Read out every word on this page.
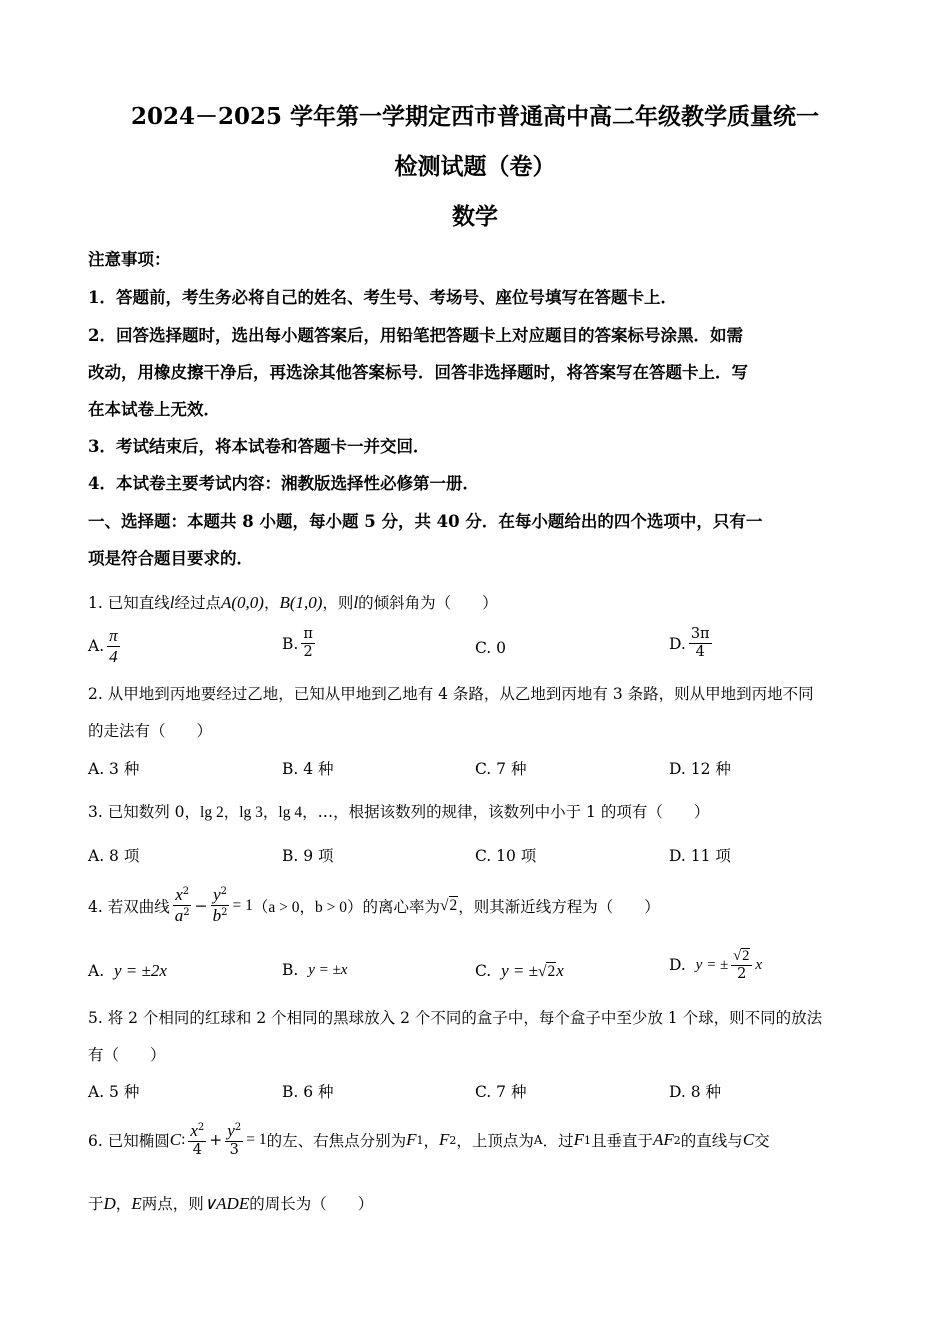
2024－2025 学年第一学期定西市普通高中高二年级教学质量统一
检测试题（卷）
数学
注意事项：
1．答题前，考生务必将自己的姓名、考生号、考场号、座位号填写在答题卡上．
2．回答选择题时，选出每小题答案后，用铅笔把答题卡上对应题目的答案标号涂黑．如需
改动，用橡皮擦干净后，再选涂其他答案标号．回答非选择题时，将答案写在答题卡上．写
在本试卷上无效．
3．考试结束后，将本试卷和答题卡一并交回．
4．本试卷主要考试内容：湘教版选择性必修第一册．
一、选择题：本题共 8 小题，每小题 5 分，共 40 分．在每小题给出的四个选项中，只有一
项是符合题目要求的．
1. 已知直线l经过点A(0,0)，B(1,0)，则l的倾斜角为（　　）
A. $\frac{\pi}{4}$	B. $\frac{\pi}{2}$	C. 0	D. $\frac{3\pi}{4}$
2. 从甲地到丙地要经过乙地，已知从甲地到乙地有 4 条路，从乙地到丙地有 3 条路，则从甲地到丙地不同
的走法有（　　）
A. 3 种	B. 4 种	C. 7 种	D. 12 种
3. 已知数列 0，lg 2，lg 3，lg 4，…，根据该数列的规律，该数列中小于 1 的项有（　　）
A. 8 项	B. 9 项	C. 10 项	D. 11 项
4. 若双曲线 $\frac{x^2}{a^2} - \frac{y^2}{b^2} = 1$ （a > 0，b > 0） 的离心率为 √ 2 ，则其渐近线方程为（　　）
A.
y = ±2x	B.
y = ±x	C.
y = ± √ 2 x	D.
y = ± $\frac{√ 2}{2}$ x
5. 将 2 个相同的红球和 2 个相同的黑球放入 2 个不同的盒子中，每个盒子中至少放 1 个球，则不同的放法
有（　　）
A. 5 种	B. 6 种	C. 7 种	D. 8 种
6. 已知椭圆 C : $\frac{x^2}{4} + \frac{y^2}{3} = 1$ 的左、右焦点分别为 F 1 ， F 2 ，上顶点为 A ．过 F 1 且垂直于 AF 2 的直线与 C 交
于D，E两点，则∨ADE的周长为（　　）
